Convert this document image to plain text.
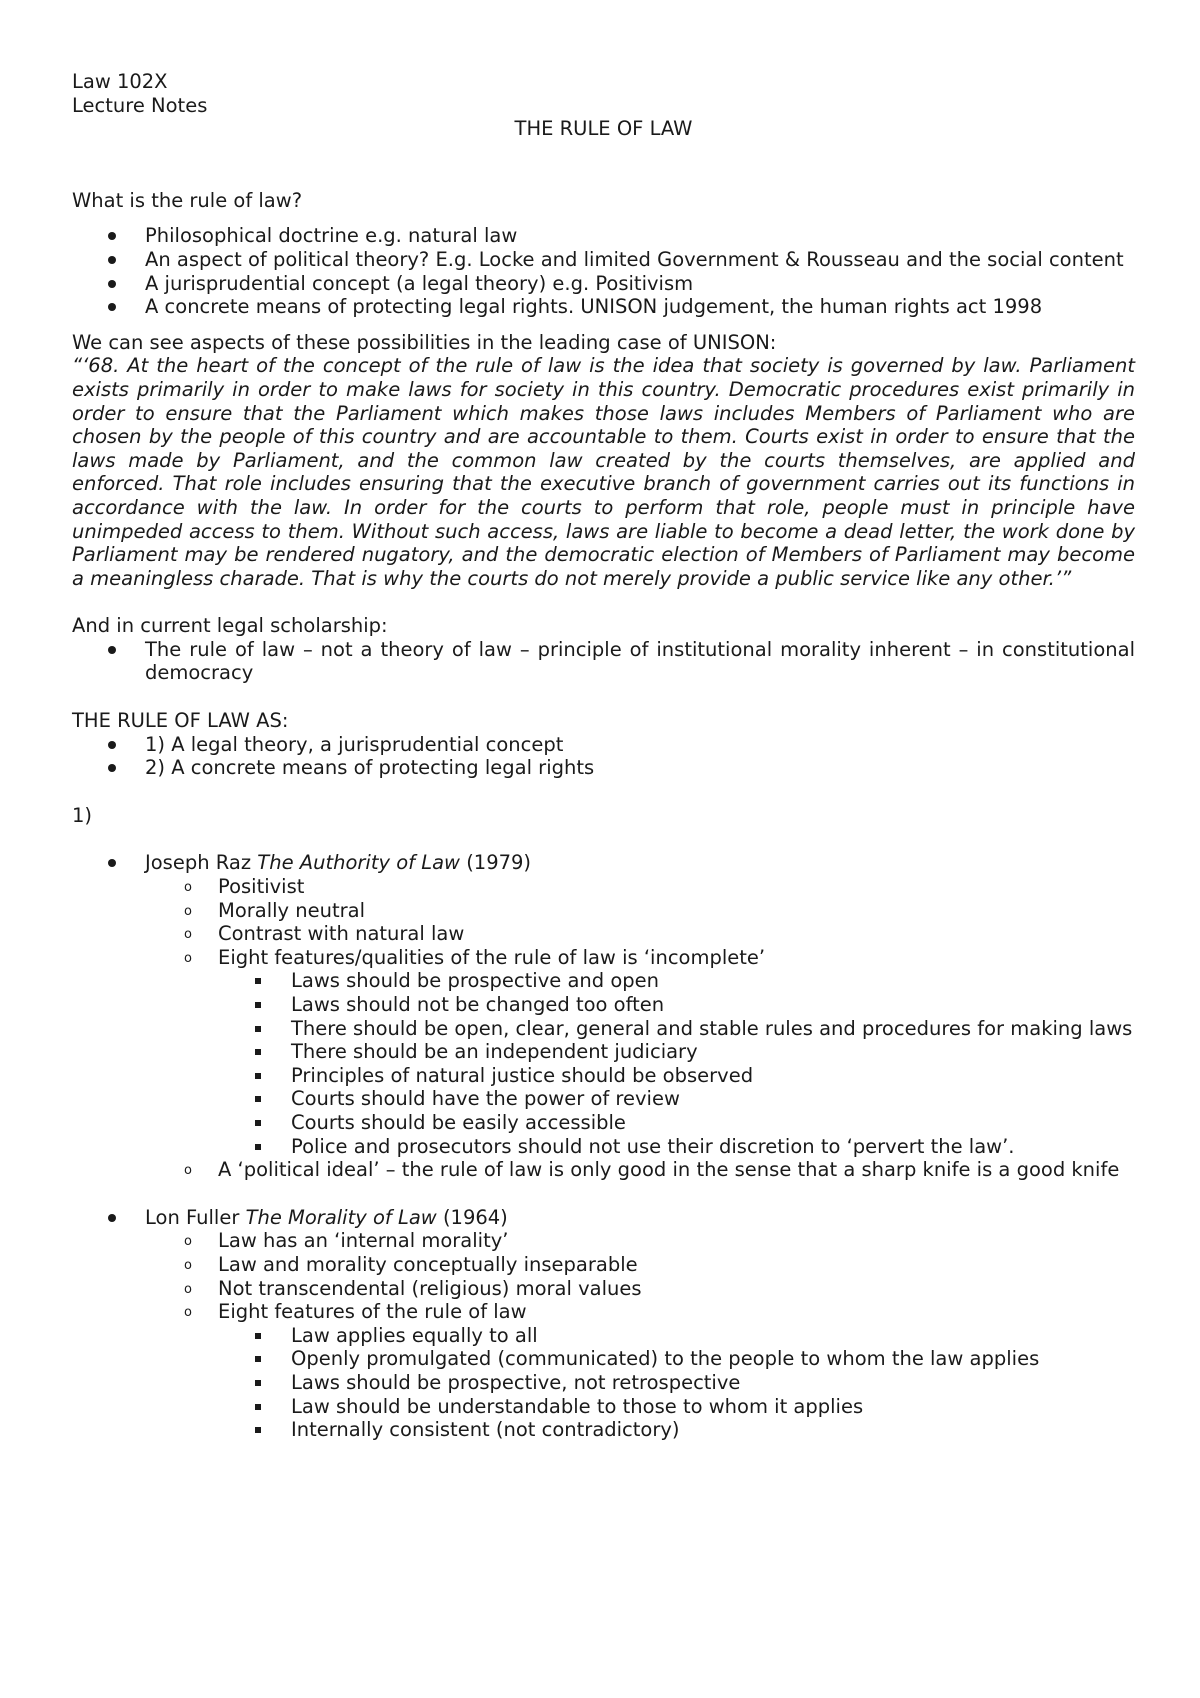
Law 102X

Lecture Notes

THE RULE OF LAW

What is the rule of law?

Philosophical doctrine e.g. natural law
An aspect of political theory? E.g. Locke and limited Government & Rousseau and the social content
A jurisprudential concept (a legal theory) e.g. Positivism
A concrete means of protecting legal rights. UNISON judgement, the human rights act 1998

We can see aspects of these possibilities in the leading case of UNISON:

“‘68. At the heart of the concept of the rule of law is the idea that society is governed by law. Parliament exists primarily in order to make laws for society in this country. Democratic procedures exist primarily in order to ensure that the Parliament which makes those laws includes Members of Parliament who are chosen by the people of this country and are accountable to them. Courts exist in order to ensure that the laws made by Parliament, and the common law created by the courts themselves, are applied and enforced. That role includes ensuring that the executive branch of government carries out its functions in accordance with the law. In order for the courts to perform that role, people must in principle have unimpeded access to them. Without such access, laws are liable to become a dead letter, the work done by Parliament may be rendered nugatory, and the democratic election of Members of Parliament may become a meaningless charade. That is why the courts do not merely provide a public service like any other.’”

And in current legal scholarship:

The rule of law – not a theory of law – principle of institutional morality inherent – in constitutional democracy

THE RULE OF LAW AS:

1) A legal theory, a jurisprudential concept
2) A concrete means of protecting legal rights

1)

Joseph Raz The Authority of Law (1979)
o	Positivist
o	Morally neutral
o	Contrast with natural law
o	Eight features/qualities of the rule of law is ‘incomplete’
Laws should be prospective and open
Laws should not be changed too often
There should be open, clear, general and stable rules and procedures for making laws
There should be an independent judiciary
Principles of natural justice should be observed
Courts should have the power of review
Courts should be easily accessible
Police and prosecutors should not use their discretion to ‘pervert the law’.
o	A ‘political ideal’ – the rule of law is only good in the sense that a sharp knife is a good knife
Lon Fuller The Morality of Law (1964)
o	Law has an ‘internal morality’
o	Law and morality conceptually inseparable
o	Not transcendental (religious) moral values
o	Eight features of the rule of law
Law applies equally to all
Openly promulgated (communicated) to the people to whom the law applies
Laws should be prospective, not retrospective
Law should be understandable to those to whom it applies
Internally consistent (not contradictory)
